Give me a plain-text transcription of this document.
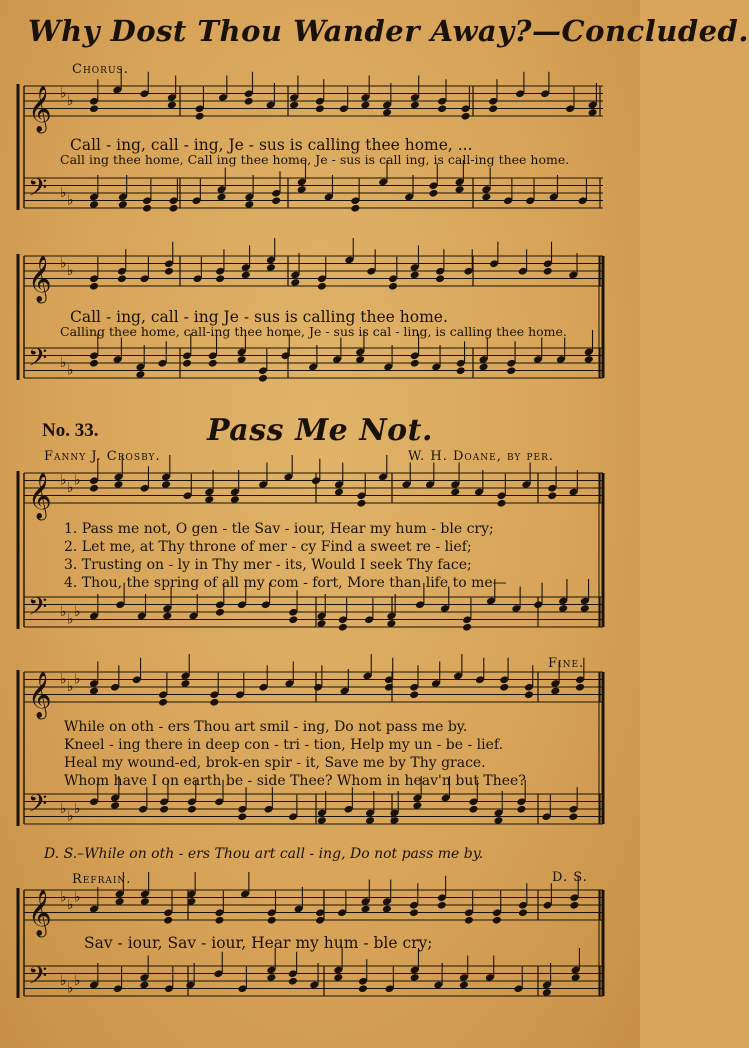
𝄞
𝄢
♭
♭
♭
♭
𝄞
𝄢
♭
♭
♭
♭
𝄞
𝄢
♭
♭
♭
♭
♭
♭
𝄞
𝄢
♭
♭
♭
♭
♭
♭
𝄞
𝄢
♭
♭
♭
♭
♭
♭
Why Dost Thou Wander Away?—Concluded.
Chorus.
Call - ing, call - ing, Je - sus is calling thee home, ...
Call ing thee home, Call ing thee home, Je - sus is call ing, is call-ing thee home.
Call - ing, call - ing Je - sus is calling thee home.
Calling thee home, call-ing thee home, Je - sus is cal - ling, is calling thee home.
No. 33.	Pass Me Not.
Fanny J. Crosby.	W. H. Doane, by per.
1. Pass me not, O gen - tle Sav - iour, Hear my hum - ble cry;
2. Let me, at Thy throne of mer - cy Find a sweet re - lief;
3. Trusting on - ly in Thy mer - its, Would I seek Thy face;
4. Thou, the spring of all my com - fort, More than life to me—
Fine.
While on oth - ers Thou art smil - ing, Do not pass me by.
Kneel - ing there in deep con - tri - tion, Help my un - be - lief.
Heal my wound-ed, brok-en spir - it, Save me by Thy grace.
Whom have I on earth be - side Thee? Whom in heav'n but Thee?
D. S.–While on oth - ers Thou art call - ing, Do not pass me by.
Refrain.	D. S.
Sav - iour, Sav - iour, Hear my hum - ble cry;
